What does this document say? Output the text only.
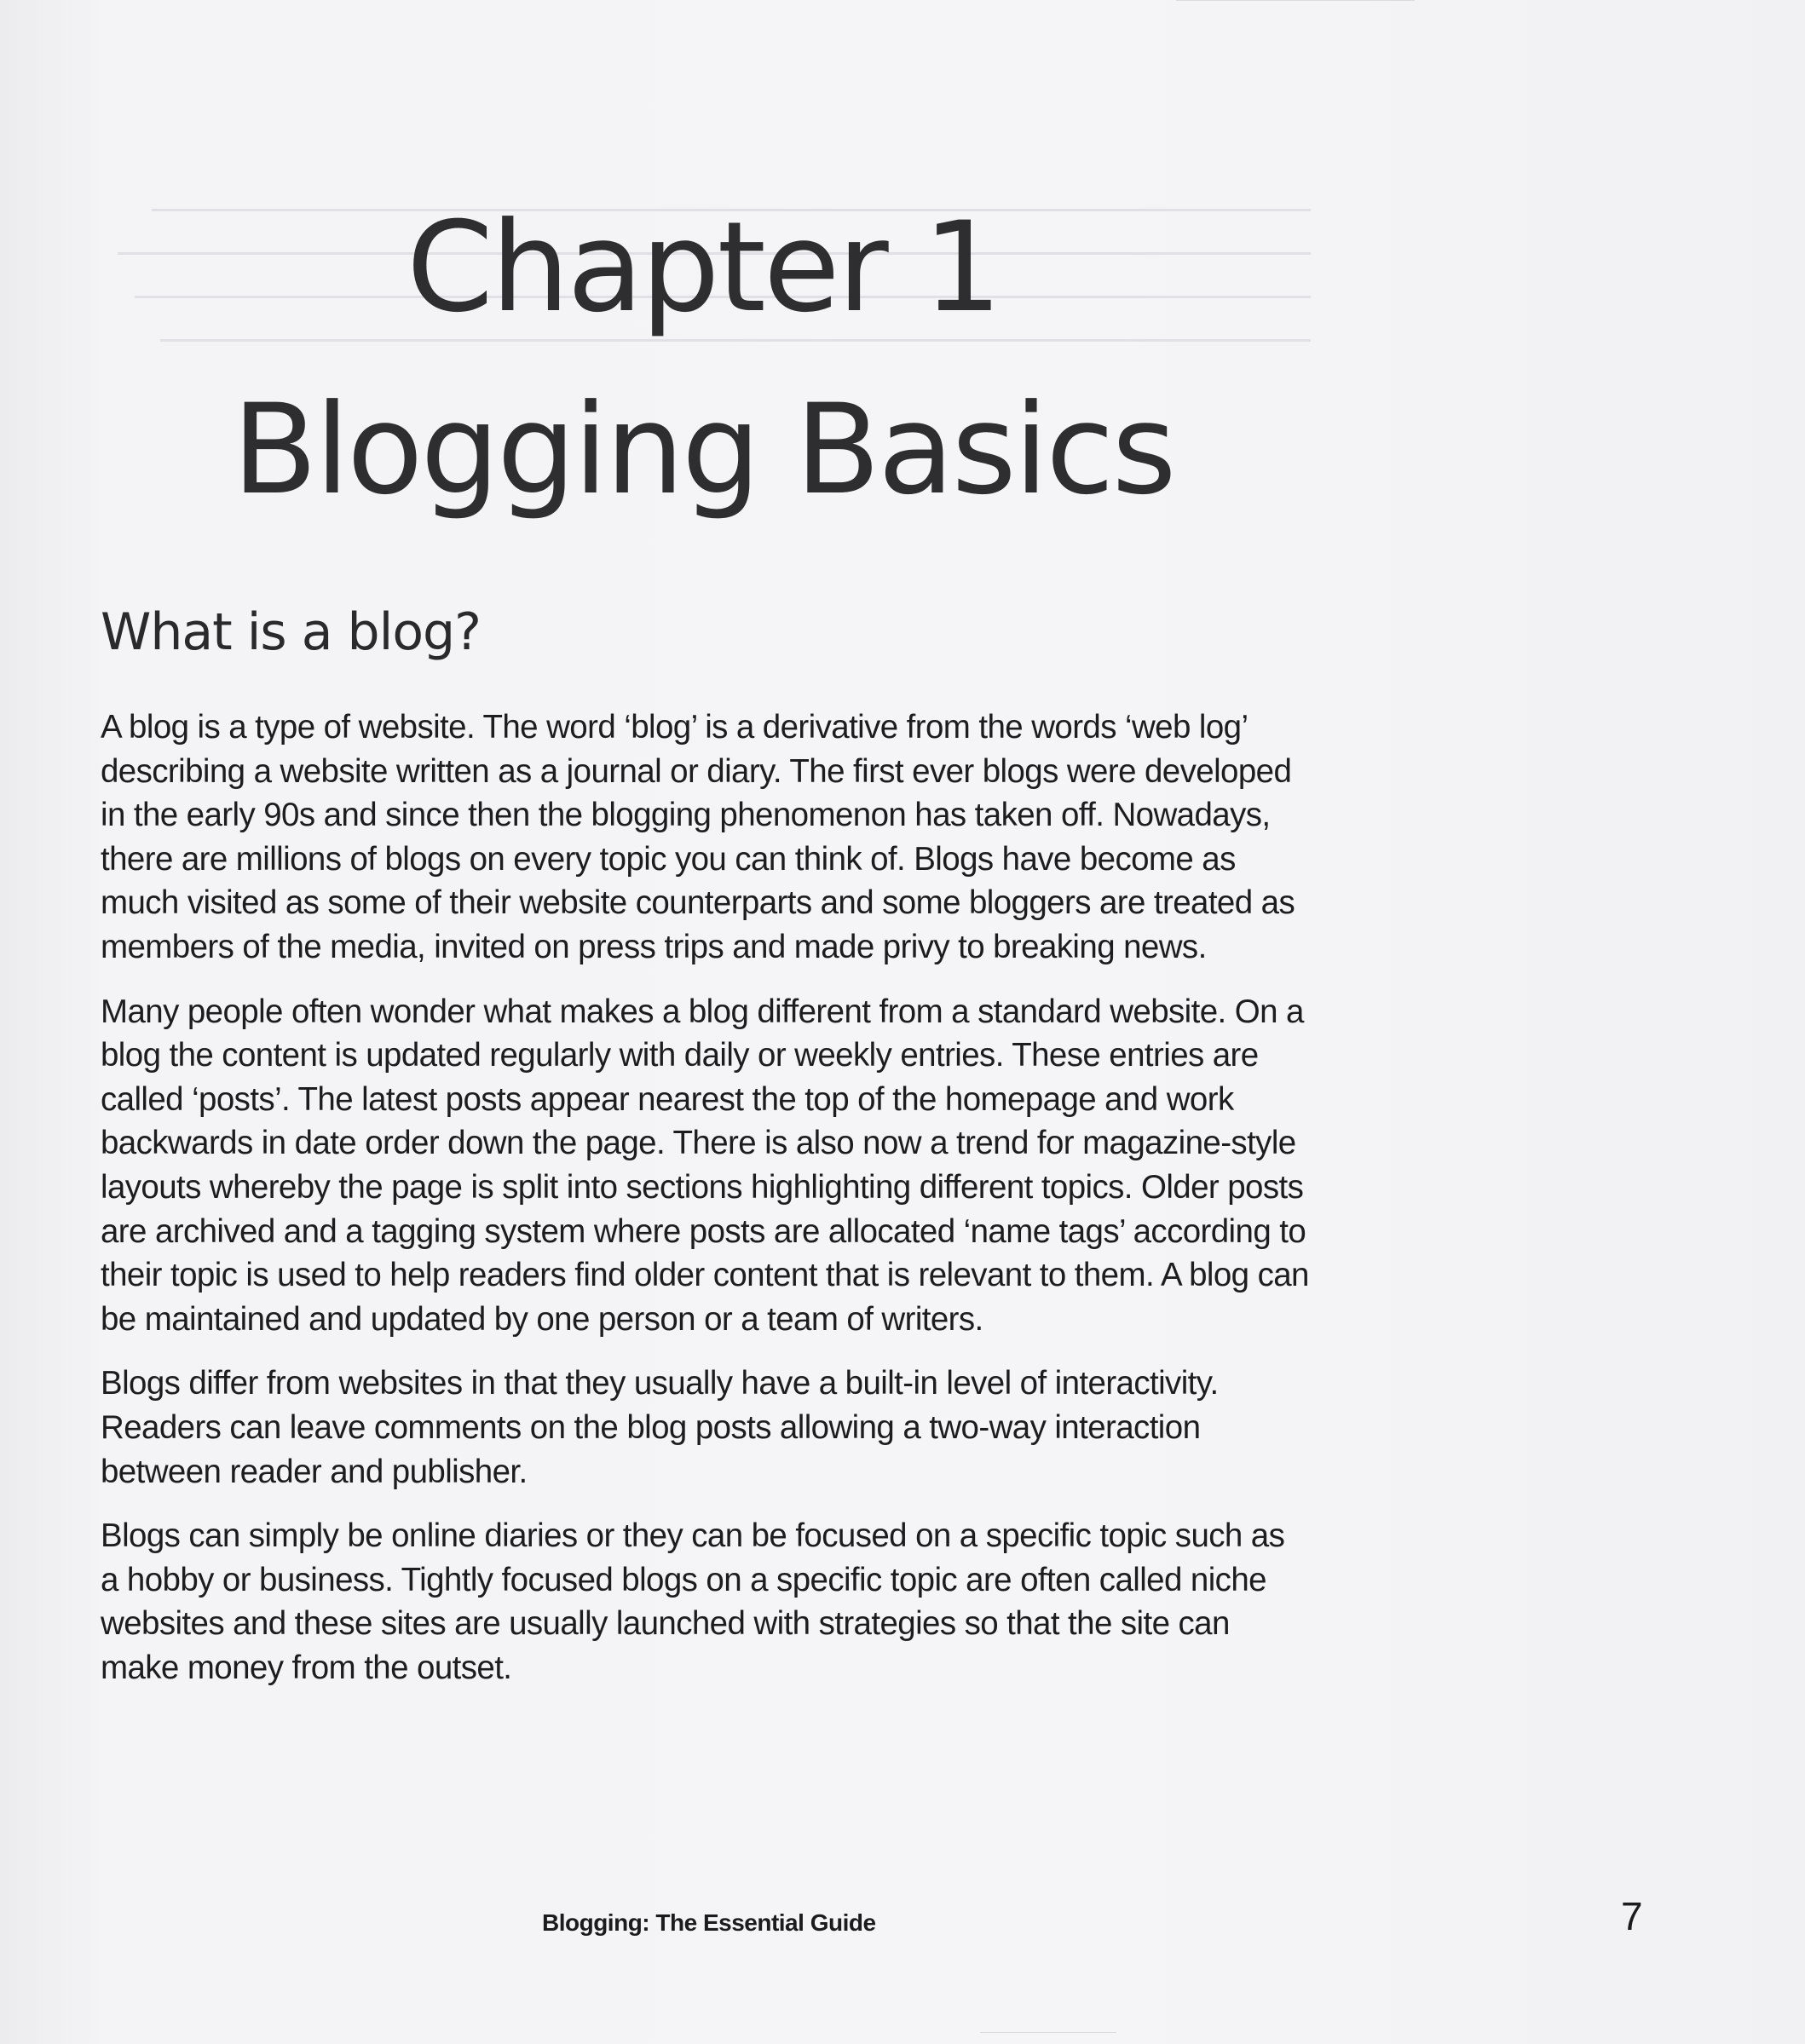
Chapter 1
Blogging Basics
What is a blog?

A blog is a type of website. The word ‘blog’ is a derivative from the words ‘web log’ describing a website written as a journal or diary. The first ever blogs were developed in the early 90s and since then the blogging phenomenon has taken off. Nowadays, there are millions of blogs on every topic you can think of. Blogs have become as much visited as some of their website counterparts and some bloggers are treated as members of the media, invited on press trips and made privy to breaking news.

Many people often wonder what makes a blog different from a standard website. On a blog the content is updated regularly with daily or weekly entries. These entries are called ‘posts’. The latest posts appear nearest the top of the homepage and work backwards in date order down the page. There is also now a trend for magazine-style layouts whereby the page is split into sections highlighting different topics. Older posts are archived and a tagging system where posts are allocated ‘name tags’ according to their topic is used to help readers find older content that is relevant to them. A blog can be maintained and updated by one person or a team of writers.

Blogs differ from websites in that they usually have a built-in level of interactivity. Readers can leave comments on the blog posts allowing a two-way interaction between reader and publisher.

Blogs can simply be online diaries or they can be focused on a specific topic such as a hobby or business. Tightly focused blogs on a specific topic are often called niche websites and these sites are usually launched with strategies so that the site can make money from the outset.

Blogging: The Essential Guide	7
